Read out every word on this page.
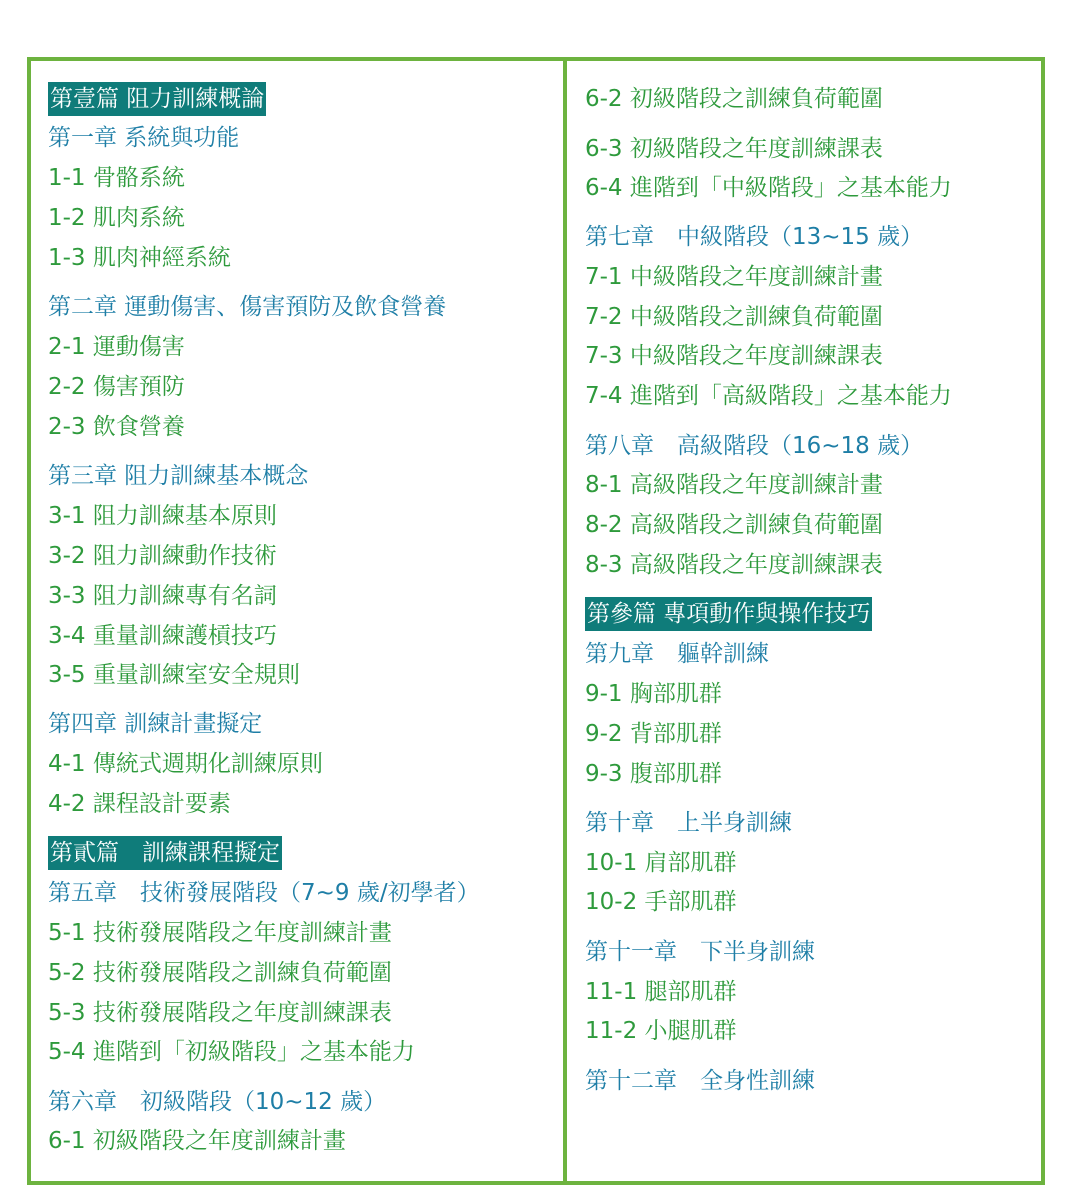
第壹篇 阻力訓練概論
第一章 系統與功能
1-1 骨骼系統
1-2 肌肉系統
1-3 肌肉神經系統
第二章 運動傷害、傷害預防及飲食營養
2-1 運動傷害
2-2 傷害預防
2-3 飲食營養
第三章 阻力訓練基本概念
3-1 阻力訓練基本原則
3-2 阻力訓練動作技術
3-3 阻力訓練專有名詞
3-4 重量訓練護槓技巧
3-5 重量訓練室安全規則
第四章 訓練計畫擬定
4-1 傳統式週期化訓練原則
4-2 課程設計要素
第貳篇　訓練課程擬定
第五章　技術發展階段（7~9 歲/初學者）
5-1 技術發展階段之年度訓練計畫
5-2 技術發展階段之訓練負荷範圍
5-3 技術發展階段之年度訓練課表
5-4 進階到「初級階段」之基本能力
第六章　初級階段（10~12 歲）
6-1 初級階段之年度訓練計畫
6-2 初級階段之訓練負荷範圍
6-3 初級階段之年度訓練課表
6-4 進階到「中級階段」之基本能力
第七章　中級階段（13~15 歲）
7-1 中級階段之年度訓練計畫
7-2 中級階段之訓練負荷範圍
7-3 中級階段之年度訓練課表
7-4 進階到「高級階段」之基本能力
第八章　高級階段（16~18 歲）
8-1 高級階段之年度訓練計畫
8-2 高級階段之訓練負荷範圍
8-3 高級階段之年度訓練課表
第參篇 專項動作與操作技巧
第九章　軀幹訓練
9-1 胸部肌群
9-2 背部肌群
9-3 腹部肌群
第十章　上半身訓練
10-1 肩部肌群
10-2 手部肌群
第十一章　下半身訓練
11-1 腿部肌群
11-2 小腿肌群
第十二章　全身性訓練
